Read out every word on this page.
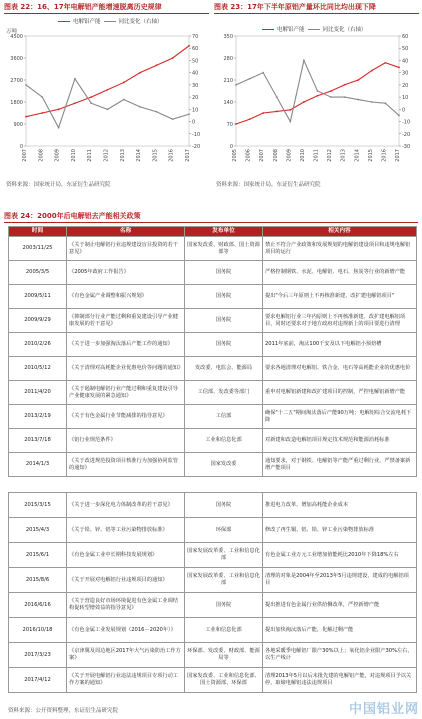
图表 22：16、17年电解铝产能增速脱离历史规律
电解铝产能	同比变化（右轴）
万吨
0
900
1800
2700
3600
4500
-20
-10
0
10
20
30
40
50
60
70
2007 2008 2009 2010 2011 2012 2013 2014 2015 2016 2017
资料来源：国家统计局，东证衍生品研究院
图表 23：17年下半年原铝产量环比同比均出现下降
电解铝产能	同比变化（右轴）
0
70
140
210
280
350
-30
-20
-10
0
10
20
30
40
50
60
2005 2006 2007 2008 2009 2010 2011 2012 2013 2014 2015 2016 2017
资料来源：国家统计局，东证衍生品研究院
图表 24：2000年后电解铝去产能相关政策
时间	名称	发布单位	相关内容
2003/11/25	《关于制止电解铝行业违规建设盲目投资的若干意见》	国家发改委、财政部、国土资源部等	禁止不符合产业政策和发展规划的电解铝建设项目和违规电解铝项目的运行
2005/3/5	《2005年政府工作报告》	国务院	严格控制钢铁、水泥、电解铝、电石、焦炭等行业的新增产能
2009/5/11	《有色金属产业调整和振兴规划》	国务院	提出"今后三年原则上不再核准新建、改扩建电解铝项目"
2009/9/29	《抑制部分行业产能过剩和重复建设引导产业健康发展的若干意见》	国务院	要求电解铝行业三年内原则上不再核准新建、改扩建电解铝项目，同时还要求对于地方政府对违规新上的项目要进行清理
2010/2/26	《关于进一步加强淘汰落后产能工作的通知》	国务院	2011年底前，淘汰100千安及以下电解铝小预焙槽
2010/5/12	《关于清理对高耗能企业优惠电价等问题的通知》	发改委、电监会、能源局	要求各地清理对电解铝、铁合金、电石等高耗能企业的优惠电价
2011/4/20	《关于遏制电解铝行业产能过剩和重复建设引导产业健康发展的紧急通知》	工信部、发改委等部门	重申对电解铝新建和改扩建项目的控制，严控电解铝新增产能
2013/2/19	《关于有色金属行业节能减排的指导意见》	工信部	确保"十二五"期间淘汰落后产能90万吨；电解铝综合交流电耗下降
2013/7/18	《铝行业规范条件》	工业和信息化部	对新建和改造电解铝项目规定技术规范和能源消耗标准
2014/1/3	《关于改进规范投资项目核准行为加强协同监管的通知》	国家发改委	通知要求，对于钢铁、电解铝等产能严重过剩行业，严禁备案新增产能项目
2015/3/15	《关于进一步深化电力体制改革的若干意见》	国务院	推进电力改革，增加高耗能企业成本
2015/4/3	《关于铅、锌、铝等工业污染物排放标准》	环保部	修改了再生铜、铝、铅、锌工业污染物排放标准
2015/6/1	《有色金属工业中长期科技发展规划》	国家发展改革委、工业和信息化部	有色金属工业万元工业增加值能耗比2010年下降18%左右
2015/8/6	《关于开展对电解铝行业违规项目的通知》	国家发展改革委、工业和信息化部	清理的对象是2004年至2013年5月违规建设，建成的电解铝项目
2016/6/16	《关于营造良好市场环境促进有色金属工业调结构促转型增效益的指导意见》	国务院	提出推进有色金属行业供给侧改革，严控新增产能
2016/10/18	《有色金属工业发展规划（2016－2020年）》	工业和信息化部	提出加快淘汰落后产能，化解过剩产能
2017/3/23	《京津冀及周边地区2017年大气污染防治工作方案》	环保部、发改委、财政部、能源局等	各地采暖季电解铝厂限产30%以上；氧化铝企业限产30%左右，以生产线计
2017/4/12	《关于开展电解铝行业违法违规项目专项行动工作方案的通知》	国家发改委、工业和信息化部、国土资源部、环保部	清理2013年5月以后未批先建的电解铝产能，对违规项目予以关停，取缔电解铝违法违规项目
资料来源：公开资料整理，东证衍生品研究院	中国铝业网
